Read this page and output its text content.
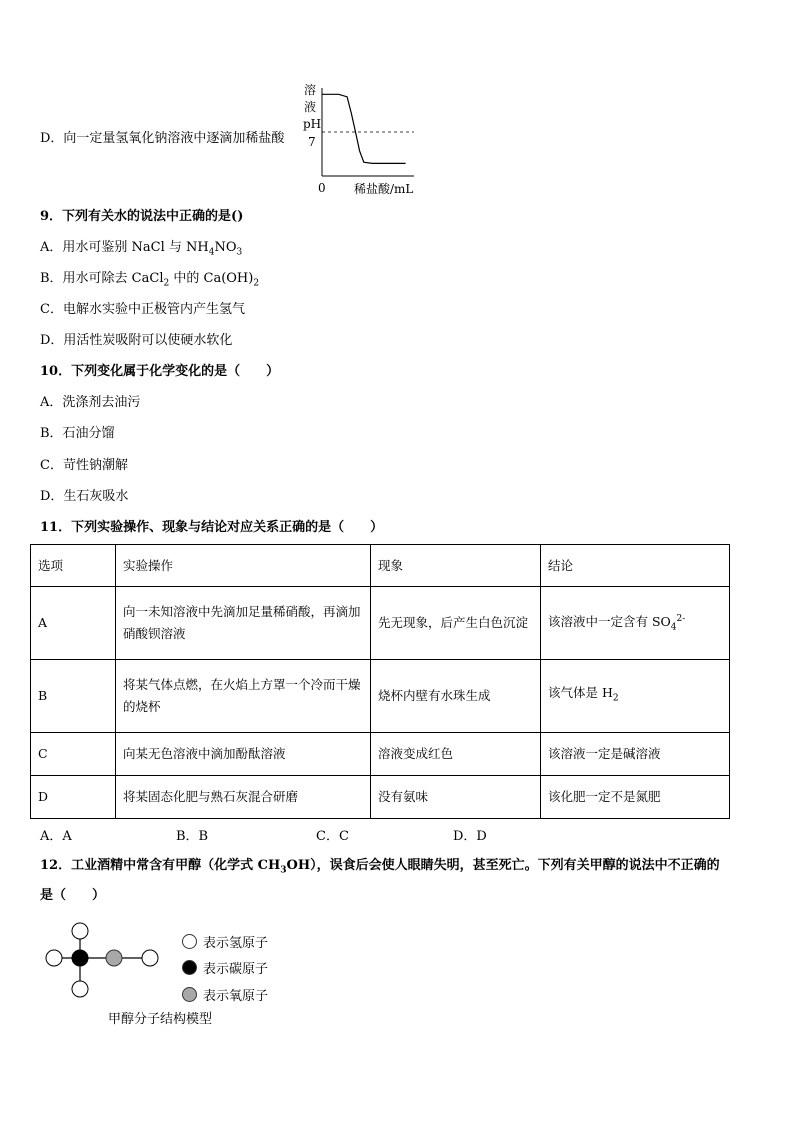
D．向一定量氢氧化钠溶液中逐滴加稀盐酸
溶
液
pH
7
0 稀盐酸/mL
9．下列有关水的说法中正确的是()
A．用水可鉴别 NaCl 与 $NH_4NO_3$
B．用水可除去 CaCl$_2$ 中的 $Ca(OH)_2$
C．电解水实验中正极管内产生氢气
D．用活性炭吸附可以使硬水软化
10．下列变化属于化学变化的是（　　）
A．洗涤剂去油污
B．石油分馏
C．苛性钠潮解
D．生石灰吸水
11．下列实验操作、现象与结论对应关系正确的是（　　）
选项	实验操作	现象	结论
A	向一未知溶液中先滴加足量稀硝酸，再滴加硝酸钡溶液	先无现象，后产生白色沉淀	该溶液中一定含有 $SO_4^{2-}$
B	将某气体点燃，在火焰上方罩一个冷而干燥的烧杯	烧杯内壁有水珠生成	该气体是 $H_2$
C	向某无色溶液中滴加酚酞溶液	溶液变成红色	该溶液一定是碱溶液
D	将某固态化肥与熟石灰混合研磨	没有氨味	该化肥一定不是氮肥
A．A	B．B	C．C	D．D
12．工业酒精中常含有甲醇（化学式 $CH_3OH$），误食后会使人眼睛失明，甚至死亡。下列有关甲醇的说法中不正确的
是（　　）
表示氢原子
表示碳原子
表示氧原子
甲醇分子结构模型
